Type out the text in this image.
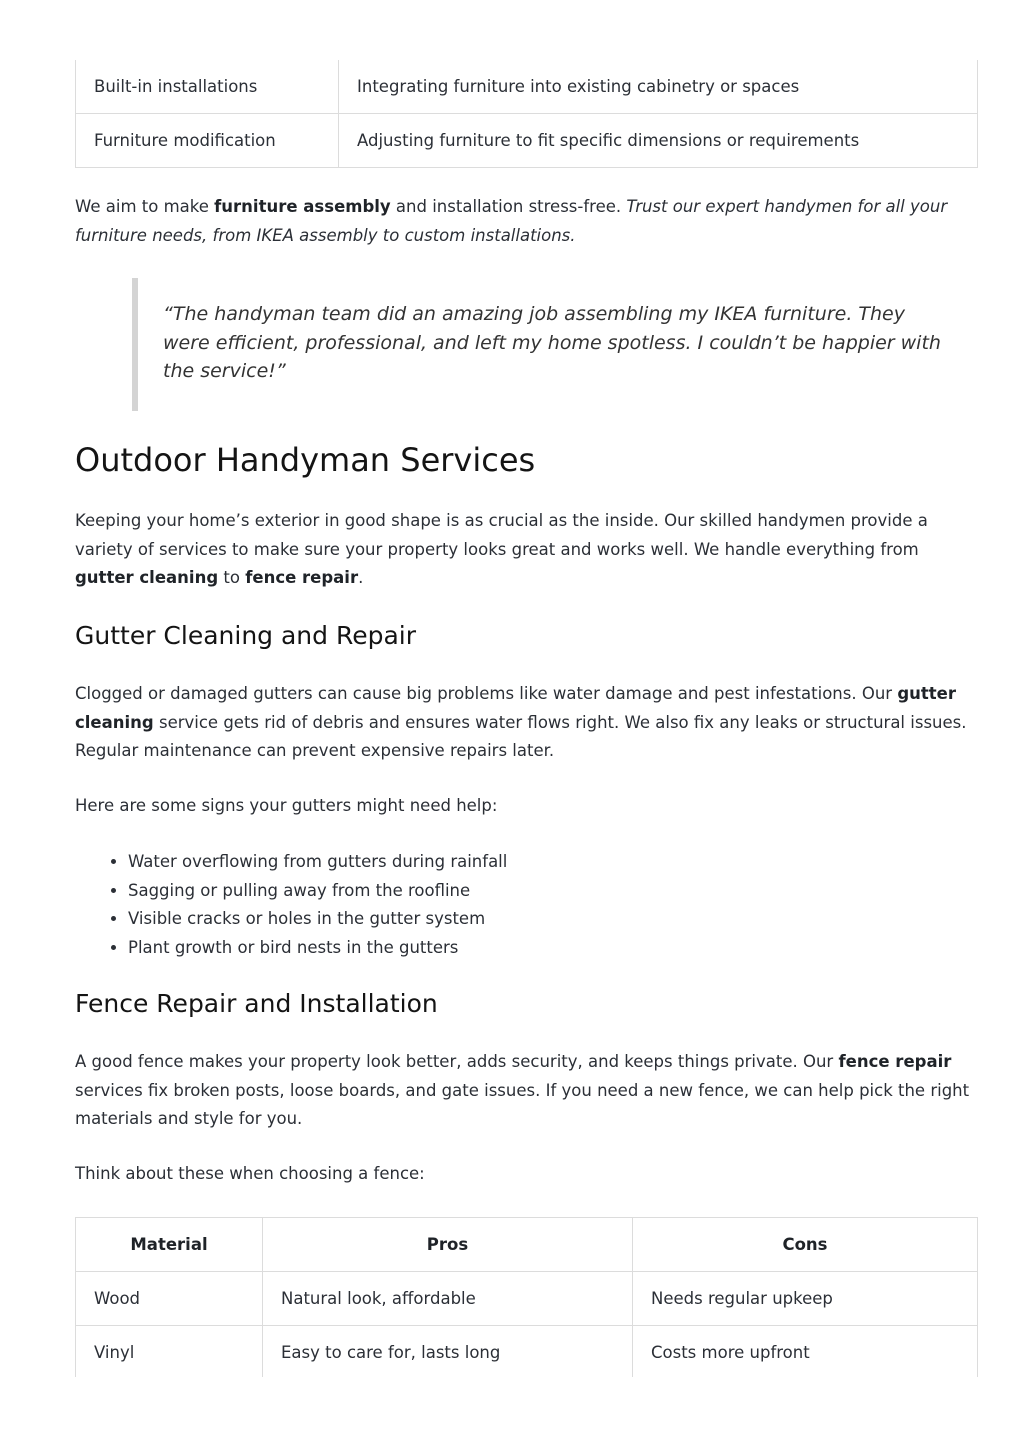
Built-in installations	Integrating furniture into existing cabinetry or spaces
Furniture modification	Adjusting furniture to fit specific dimensions or requirements

We aim to make furniture assembly and installation stress-free. Trust our expert handymen for all your furniture needs, from IKEA assembly to custom installations.

“The handyman team did an amazing job assembling my IKEA furniture. They were efficient, professional, and left my home spotless. I couldn’t be happier with the service!”

Outdoor Handyman Services

Keeping your home’s exterior in good shape is as crucial as the inside. Our skilled handymen provide a variety of services to make sure your property looks great and works well. We handle everything from gutter cleaning to fence repair.

Gutter Cleaning and Repair

Clogged or damaged gutters can cause big problems like water damage and pest infestations. Our gutter cleaning service gets rid of debris and ensures water flows right. We also fix any leaks or structural issues. Regular maintenance can prevent expensive repairs later.

Here are some signs your gutters might need help:

• Water overflowing from gutters during rainfall
• Sagging or pulling away from the roofline
• Visible cracks or holes in the gutter system
• Plant growth or bird nests in the gutters
Fence Repair and Installation

A good fence makes your property look better, adds security, and keeps things private. Our fence repair services fix broken posts, loose boards, and gate issues. If you need a new fence, we can help pick the right materials and style for you.

Think about these when choosing a fence:

Material	Pros	Cons
Wood	Natural look, affordable	Needs regular upkeep
Vinyl	Easy to care for, lasts long	Costs more upfront
